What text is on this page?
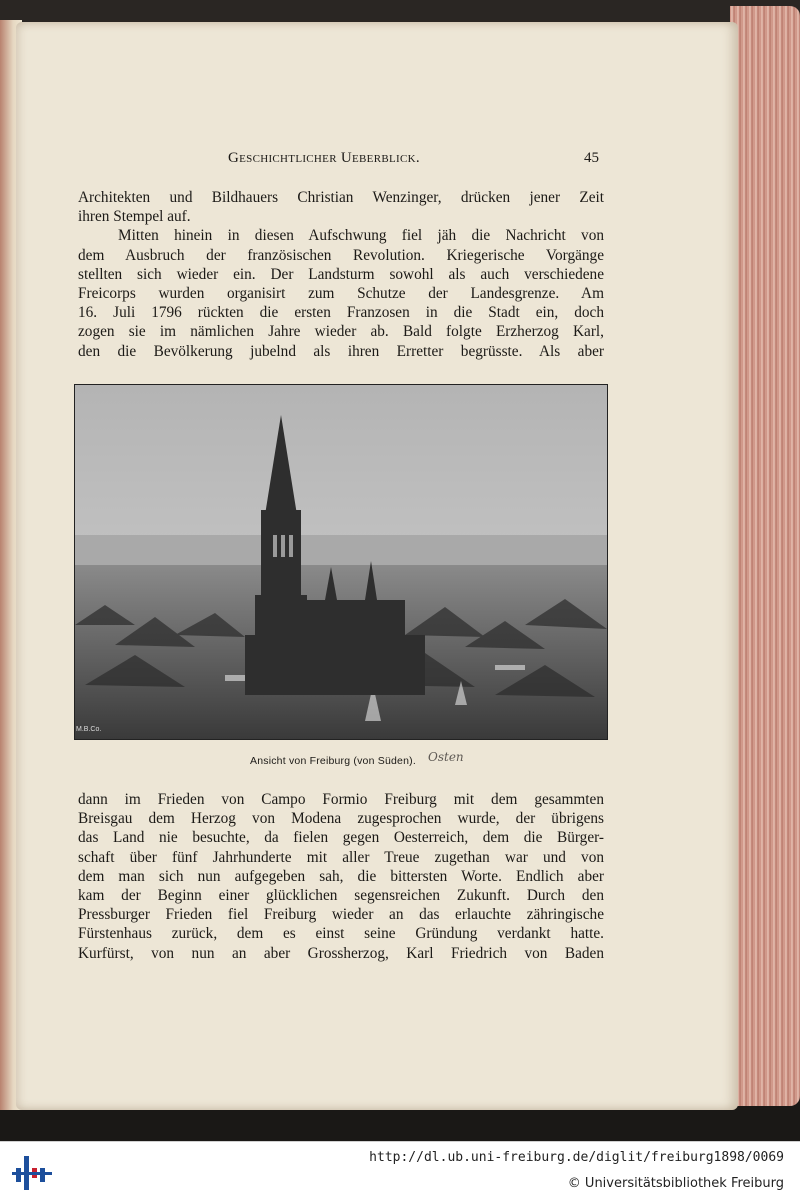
Geschichtlicher Ueberblick.	45
Architekten und Bildhauers Christian Wenzinger, drücken jener Zeit
ihren Stempel auf.
Mitten hinein in diesen Aufschwung fiel jäh die Nachricht von
dem Ausbruch der französischen Revolution. Kriegerische Vorgänge
stellten sich wieder ein. Der Landsturm sowohl als auch verschiedene
Freicorps wurden organisirt zum Schutze der Landesgrenze. Am
16. Juli 1796 rückten die ersten Franzosen in die Stadt ein, doch
zogen sie im nämlichen Jahre wieder ab. Bald folgte Erzherzog Karl,
den die Bevölkerung jubelnd als ihren Erretter begrüsste. Als aber
M.B.Co.
Ansicht von Freiburg (von Süden). Osten
dann im Frieden von Campo Formio Freiburg mit dem gesammten
Breisgau dem Herzog von Modena zugesprochen wurde, der übrigens
das Land nie besuchte, da fielen gegen Oesterreich, dem die Bürger-
schaft über fünf Jahrhunderte mit aller Treue zugethan war und von
dem man sich nun aufgegeben sah, die bittersten Worte. Endlich aber
kam der Beginn einer glücklichen segensreichen Zukunft. Durch den
Pressburger Frieden fiel Freiburg wieder an das erlauchte zähringische
Fürstenhaus zurück, dem es einst seine Gründung verdankt hatte.
Kurfürst, von nun an aber Grossherzog, Karl Friedrich von Baden
http://dl.ub.uni-freiburg.de/diglit/freiburg1898/0069
© Universitätsbibliothek Freiburg
